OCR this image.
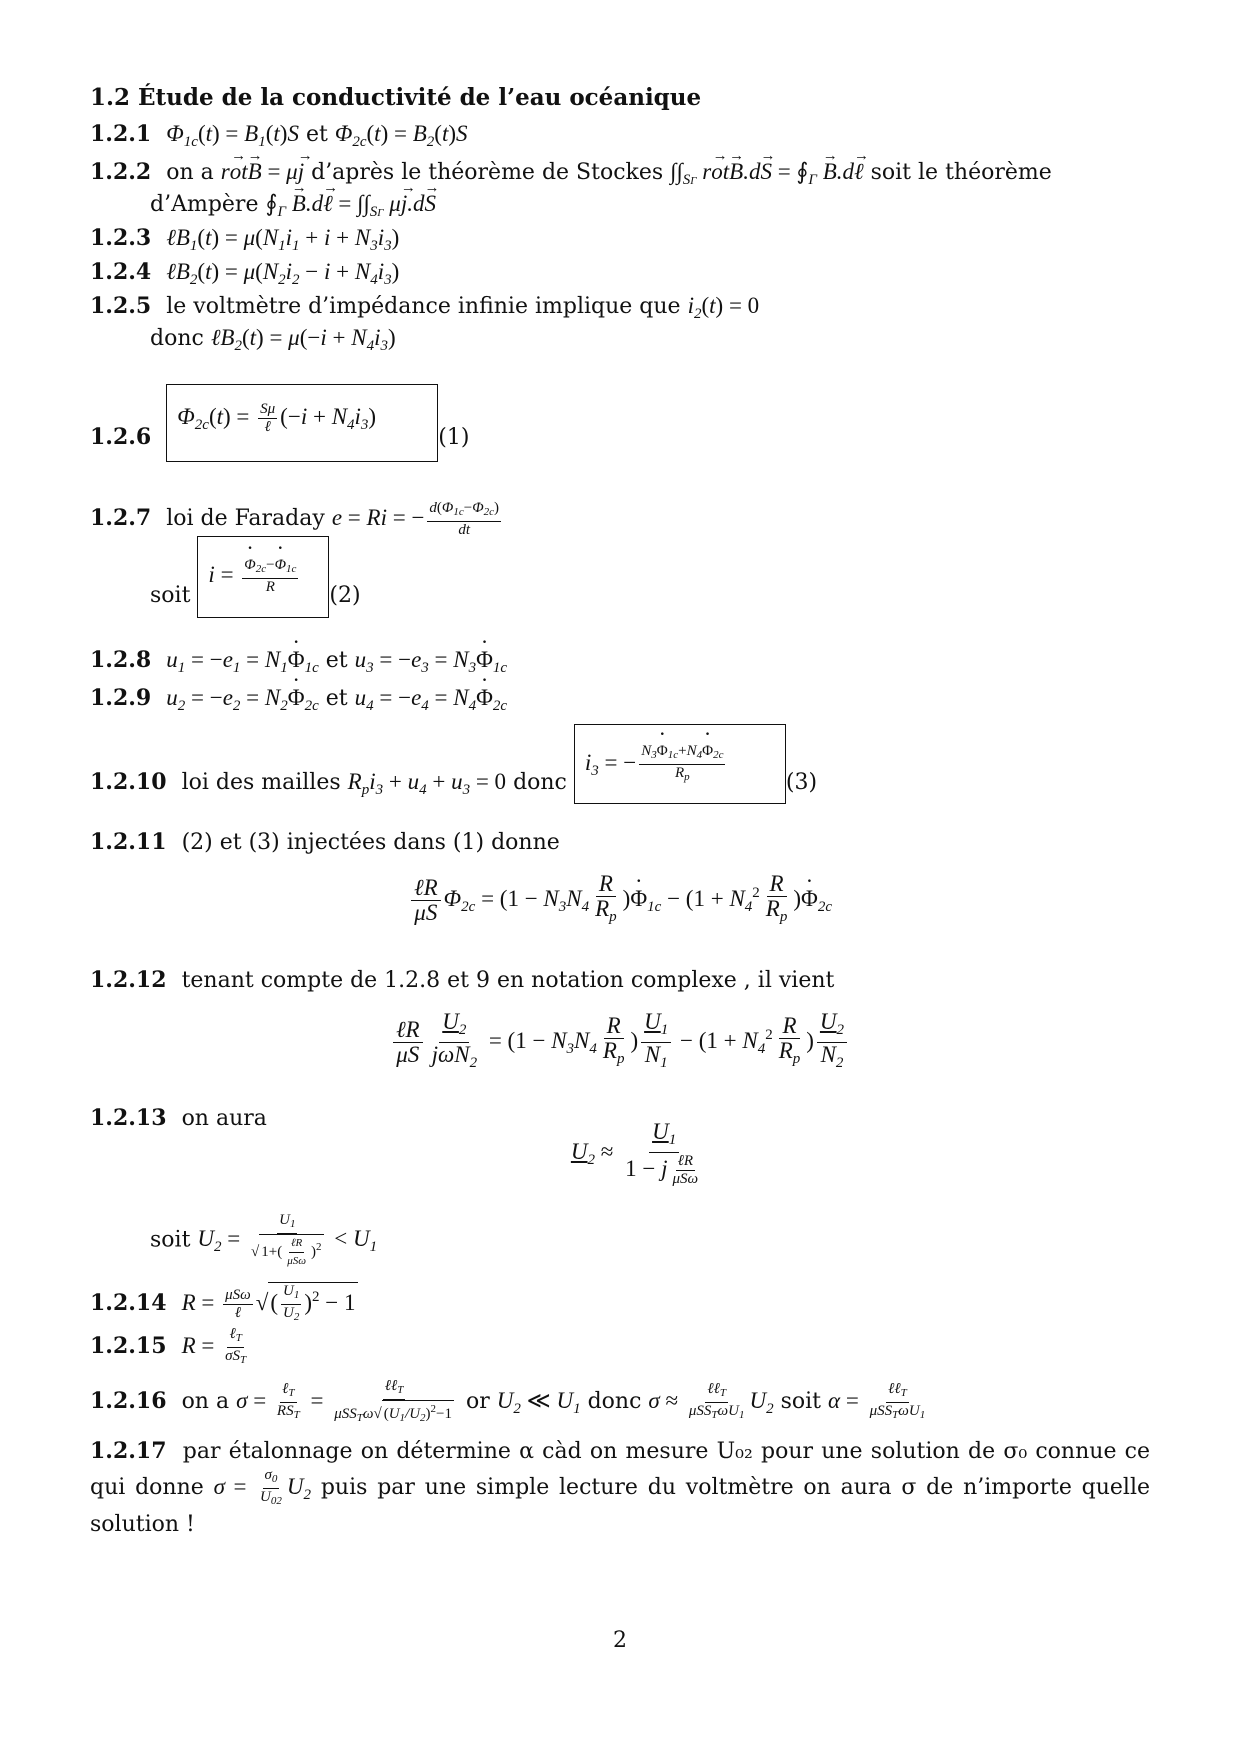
1.2 Étude de la conductivité de l’eau océanique
1.2.1 $\Phi_{1c}(t) = B_1(t)S$ et $\Phi_{2c}(t) = B_2(t)S$
1.2.2 on a rot →B → = μj → d’après le théorème de Stockes $\int\int_{S\Gamma}$ rot →B →.dS → = $∮_\Gamma$ B →.dℓ → soit le théorème
d’Ampère $∮_\Gamma$ B →.dℓ → = $\int\int_{S\Gamma}$ μj →.dS →
1.2.3 ℓB$_1$(t) = $\mu(N_1i_1 + i + N_3i_3)$
1.2.4 ℓB$_2$(t) = $\mu(N_2i_2 - i + N_4i_3)$
1.2.5 le voltmètre d’impédance infinie implique que $i_2(t) = 0$
donc ℓB$_2$(t) = $\mu(-i + N_4i_3)$
1.2.6 $\Phi_{2c}(t) = \frac{S\mu}{\text{ℓ}} (-i + N_4i_3)(1)$
1.2.7 loi de Faraday e = Ri = − $\frac{d(\Phi_{1c}-\Phi_{2c})}{dt}$
soit $i = \frac{\Phi \cdot_{2c}-\Phi \cdot_{1c}}{R} (2)$
1.2.8 $u_1 = -e_1 = N_1\Phi \cdot_{1c}$ et $u_3 = -e_3 = N_3\Phi \cdot_{1c}$
1.2.9 $u_2 = -e_2 = N_2\Phi \cdot_{2c}$ et $u_4 = -e_4 = N_4\Phi \cdot_{2c}$
1.2.10 loi des mailles $R_pi_3 + u_4 + u_3 = 0$ donc $i_3$ = − $\frac{N_3\Phi \cdot_{1c}+N_4\Phi \cdot_{2c}}{R_p}$	(3)
1.2.11 (2) et (3) injectées dans (1) donne
$\frac{\text{ℓR}}{\mu S} \Phi_{2c} = (1 - N_3N_4 \frac{R}{R_p} )\Phi \cdot_{1c} - (1 + N_4^2 \frac{R}{R_p} )\Phi \cdot_{2c}$
1.2.12 tenant compte de 1.2.8 et 9 en notation complexe , il vient
$\frac{\text{ℓR}}{\mu S} \frac{U_2}{j\omega N_2} = (1 - N_3N_4 \frac{R}{R_p}$ ) $\frac{U_1}{N_1} - (1 + N_4^2 \frac{R}{R_p}$ ) $\frac{U_2}{N_2}$
1.2.13 on aura
$U_2 \approx \frac{U_1}{1 - j \frac{\text{ℓR}}{\text{μSω}}}$
soit $U_2 = \frac{U_1}{√ 1+( \frac{\text{ℓR}}{\text{μSω}} )^2} < U_1$
1.2.14 $R = \frac{\text{μSω}}{\text{ℓ}}$ √( $\frac{U_1}{U_2} )^2 - 1$
1.2.15 $R = \frac{\ell_T}{\sigma S_T}$
1.2.16 on a $\sigma = \frac{\ell_T}{RS_T} = \frac{\ell\ell_T}{\mu SS_T\omega√ (U_1/U_2)^2-1}$ or $U_2$ ≪ $U_1$ donc $\sigma \approx \frac{\ell\ell_T}{\mu SS_T\omega U_1} U_2$ soit $\alpha = \frac{\ell\ell_T}{\mu SS_T\omega U_1}$
1.2.17 par étalonnage on détermine α càd on mesure U₀₂ pour une solution de σ₀ connue ce qui donne $\sigma = \frac{\sigma_0}{U_{02}} U_2$ puis par une simple lecture du voltmètre on aura σ de n’importe quelle solution !
2
